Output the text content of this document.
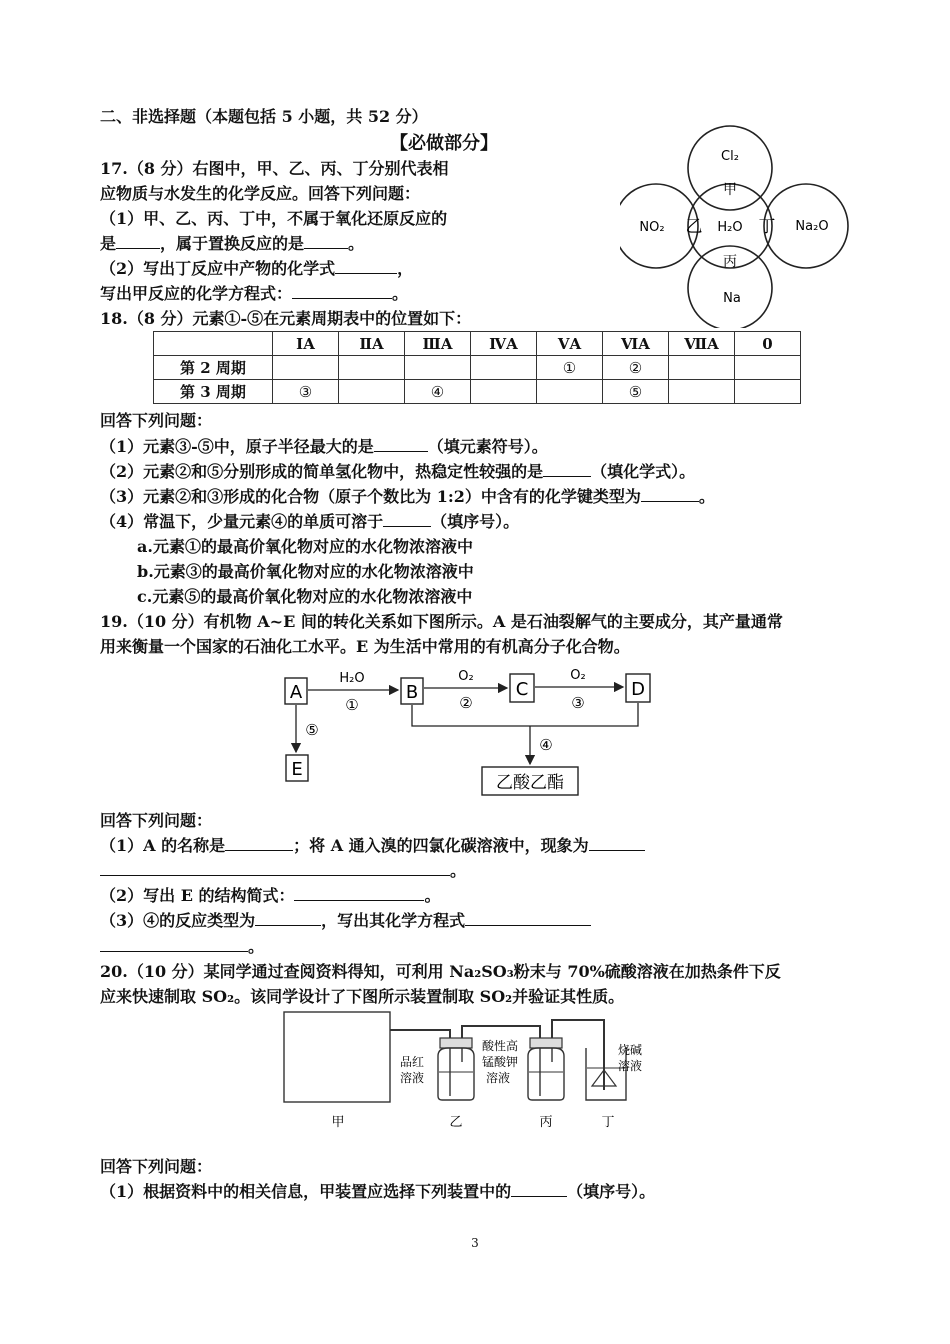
二、非选择题（本题包括 5 小题，共 52 分）
【必做部分】
17.（8 分）右图中，甲、乙、丙、丁分别代表相
应物质与水发生的化学反应。回答下列问题：
（1）甲、乙、丙、丁中，不属于氧化还原反应的
是	，属于置换反应的是	。
（2）写出丁反应中产物的化学式	，
写出甲反应的化学方程式：	。
Cl₂
甲
NO₂ 乙 H₂O 丁 Na₂O
丙
Na
18.（8 分）元素①-⑤在元素周期表中的位置如下：
	ⅠA	ⅡA	ⅢA	ⅣA	ⅤA	ⅥA	ⅦA	0
第 2 周期					①	②		
第 3 周期	③		④			⑤		
回答下列问题：
（1）元素③-⑤中，原子半径最大的是	（填元素符号）。
（2）元素②和⑤分别形成的简单氢化物中，热稳定性较强的是	（填化学式）。
（3）元素②和③形成的化合物（原子个数比为 1:2）中含有的化学键类型为	。
（4）常温下，少量元素④的单质可溶于	（填序号）。
a.元素①的最高价氧化物对应的水化物浓溶液中
b.元素③的最高价氧化物对应的水化物浓溶液中
c.元素⑤的最高价氧化物对应的水化物浓溶液中
19.（10 分）有机物 A~E 间的转化关系如下图所示。A 是石油裂解气的主要成分，其产量通常
用来衡量一个国家的石油化工水平。E 为生活中常用的有机高分子化合物。
A	B	C	D
E
乙酸乙酯
H₂O
①
O₂
②
O₂
③
⑤
④
回答下列问题：
（1）A 的名称是	；将 A 通入溴的四氯化碳溶液中，现象为
。
（2）写出 E 的结构简式：	。
（3）④的反应类型为	，写出其化学方程式
。
20.（10 分）某同学通过查阅资料得知，可利用 Na₂SO₃粉末与 70%硫酸溶液在加热条件下反
应来快速制取 SO₂。该同学设计了下图所示装置制取 SO₂并验证其性质。
品红
溶液
酸性高
锰酸钾
溶液
烧碱
溶液
甲	乙	丙	丁
回答下列问题：
（1）根据资料中的相关信息，甲装置应选择下列装置中的	（填序号）。
3
